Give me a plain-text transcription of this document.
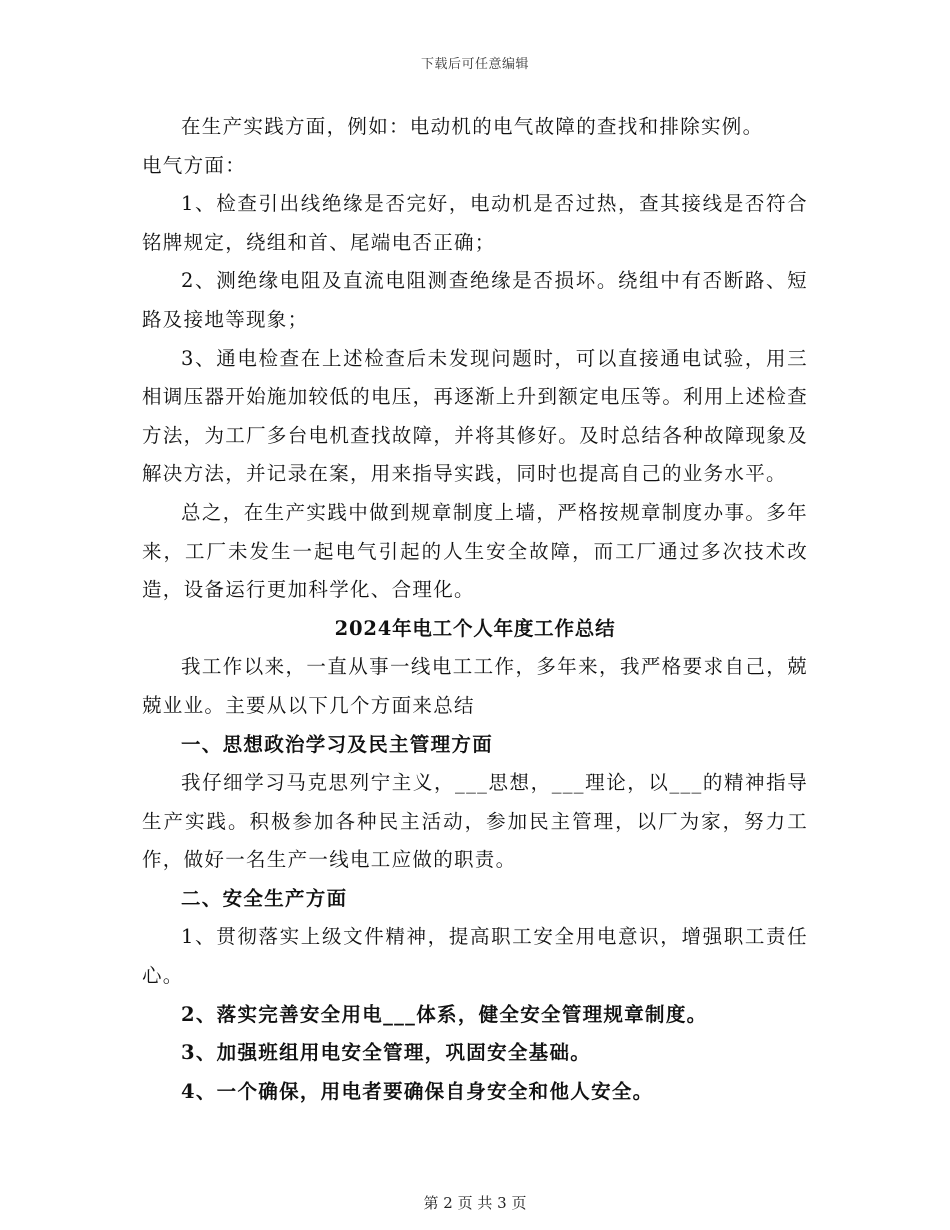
下载后可任意编辑

在生产实践方面，例如：电动机的电气故障的查找和排除实例。

电气方面：

1、检查引出线绝缘是否完好，电动机是否过热，查其接线是否符合铭牌规定，绕组和首、尾端电否正确；

2、测绝缘电阻及直流电阻测查绝缘是否损坏。绕组中有否断路、短路及接地等现象；

3、通电检查在上述检查后未发现问题时，可以直接通电试验，用三相调压器开始施加较低的电压，再逐渐上升到额定电压等。利用上述检查方法，为工厂多台电机查找故障，并将其修好。及时总结各种故障现象及解决方法，并记录在案，用来指导实践，同时也提高自己的业务水平。

总之，在生产实践中做到规章制度上墙，严格按规章制度办事。多年来，工厂未发生一起电气引起的人生安全故障，而工厂通过多次技术改造，设备运行更加科学化、合理化。

2024年电工个人年度工作总结

我工作以来，一直从事一线电工工作，多年来，我严格要求自己，兢兢业业。主要从以下几个方面来总结

一、思想政治学习及民主管理方面

我仔细学习马克思列宁主义，___思想，___理论，以___的精神指导生产实践。积极参加各种民主活动，参加民主管理，以厂为家，努力工作，做好一名生产一线电工应做的职责。

二、安全生产方面

1、贯彻落实上级文件精神，提高职工安全用电意识，增强职工责任心。

2、落实完善安全用电___体系，健全安全管理规章制度。

3、加强班组用电安全管理，巩固安全基础。

4、一个确保，用电者要确保自身安全和他人安全。

第 2 页 共 3 页
